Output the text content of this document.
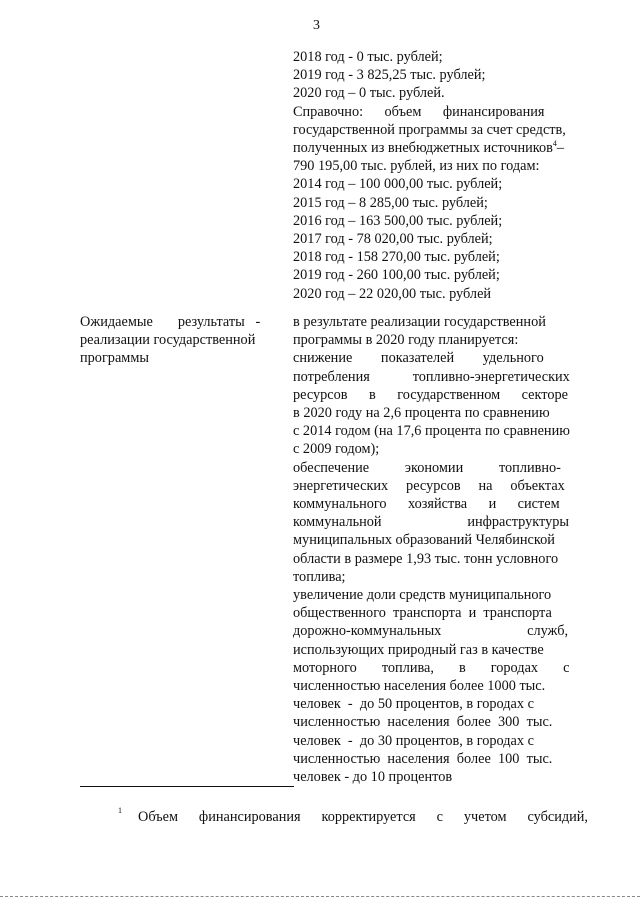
3
2018 год - 0 тыс. рублей;
2019 год - 3 825,25 тыс. рублей;
2020 год – 0 тыс. рублей.
Справочно:      объем      финансирования
государственной программы за счет средств,
полученных из внебюджетных источников$^4$–
790 195,00 тыс. рублей, из них по годам:
2014 год – 100 000,00 тыс. рублей;
2015 год – 8 285,00 тыс. рублей;
2016 год – 163 500,00 тыс. рублей;
2017 год - 78 020,00 тыс. рублей;
2018 год - 158 270,00 тыс. рублей;
2019 год - 260 100,00 тыс. рублей;
2020 год – 22 020,00 тыс. рублей
Ожидаемые       результаты   -
реализации государственной
программы
в результате реализации государственной
программы в 2020 году планируется:
снижение        показателей        удельного
потребления            топливно-энергетических
ресурсов      в      государственном      секторе
в 2020 году на 2,6 процента по сравнению
с 2014 годом (на 17,6 процента по сравнению
с 2009 годом);
обеспечение          экономии          топливно-
энергетических     ресурсов     на     объектах
коммунального      хозяйства      и      систем
коммунальной                        инфраструктуры
муниципальных образований Челябинской
области в размере 1,93 тыс. тонн условного
топлива;
увеличение доли средств муниципального
общественного  транспорта  и  транспорта
дорожно-коммунальных                        служб,
использующих природный газ в качестве
моторного       топлива,       в       городах       с
численностью населения более 1000 тыс.
человек  -  до 50 процентов, в городах с
численностью  населения  более  300  тыс.
человек  -  до 30 процентов, в городах с
численностью  населения  более  100  тыс.
человек - до 10 процентов
1 Объем     финансирования     корректируется     с     учетом     субсидий,
